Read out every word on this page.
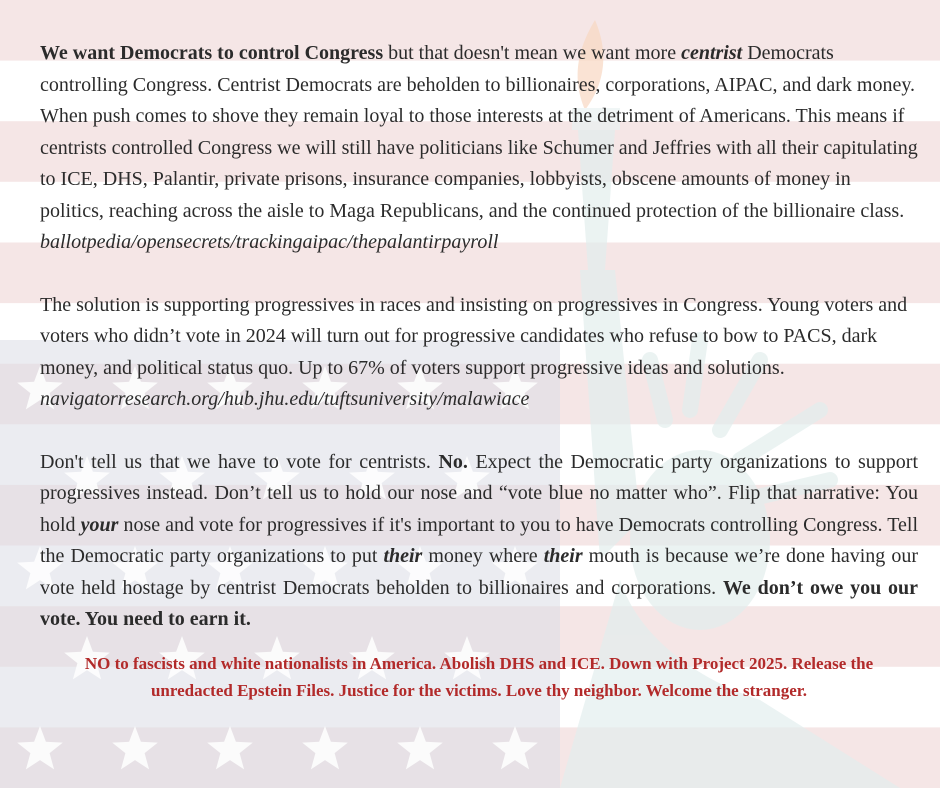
We want Democrats to control Congress but that doesn't mean we want more centrist Democrats controlling Congress. Centrist Democrats are beholden to billionaires, corporations, AIPAC, and dark money. When push comes to shove they remain loyal to those interests at the detriment of Americans. This means if centrists controlled Congress we will still have politicians like Schumer and Jeffries with all their capitulating to ICE, DHS, Palantir, private prisons, insurance companies, lobbyists, obscene amounts of money in politics, reaching across the aisle to Maga Republicans, and the continued protection of the billionaire class.
ballotpedia/opensecrets/trackingaipac/thepalantirpayroll

The solution is supporting progressives in races and insisting on progressives in Congress. Young voters and voters who didn’t vote in 2024 will turn out for progressive candidates who refuse to bow to PACS, dark money, and political status quo. Up to 67% of voters support progressive ideas and solutions. navigatorresearch.org/hub.jhu.edu/tuftsuniversity/malawiace

Don't tell us that we have to vote for centrists. No. Expect the Democratic party organizations to support progressives instead. Don’t tell us to hold our nose and “vote blue no matter who”. Flip that narrative: You hold your nose and vote for progressives if it's important to you to have Democrats controlling Congress. Tell the Democratic party organizations to put their money where their mouth is because we’re done having our vote held hostage by centrist Democrats beholden to billionaires and corporations. We don’t owe you our vote. You need to earn it.

NO to fascists and white nationalists in America. Abolish DHS and ICE. Down with Project 2025. Release the unredacted Epstein Files. Justice for the victims. Love thy neighbor. Welcome the stranger.
